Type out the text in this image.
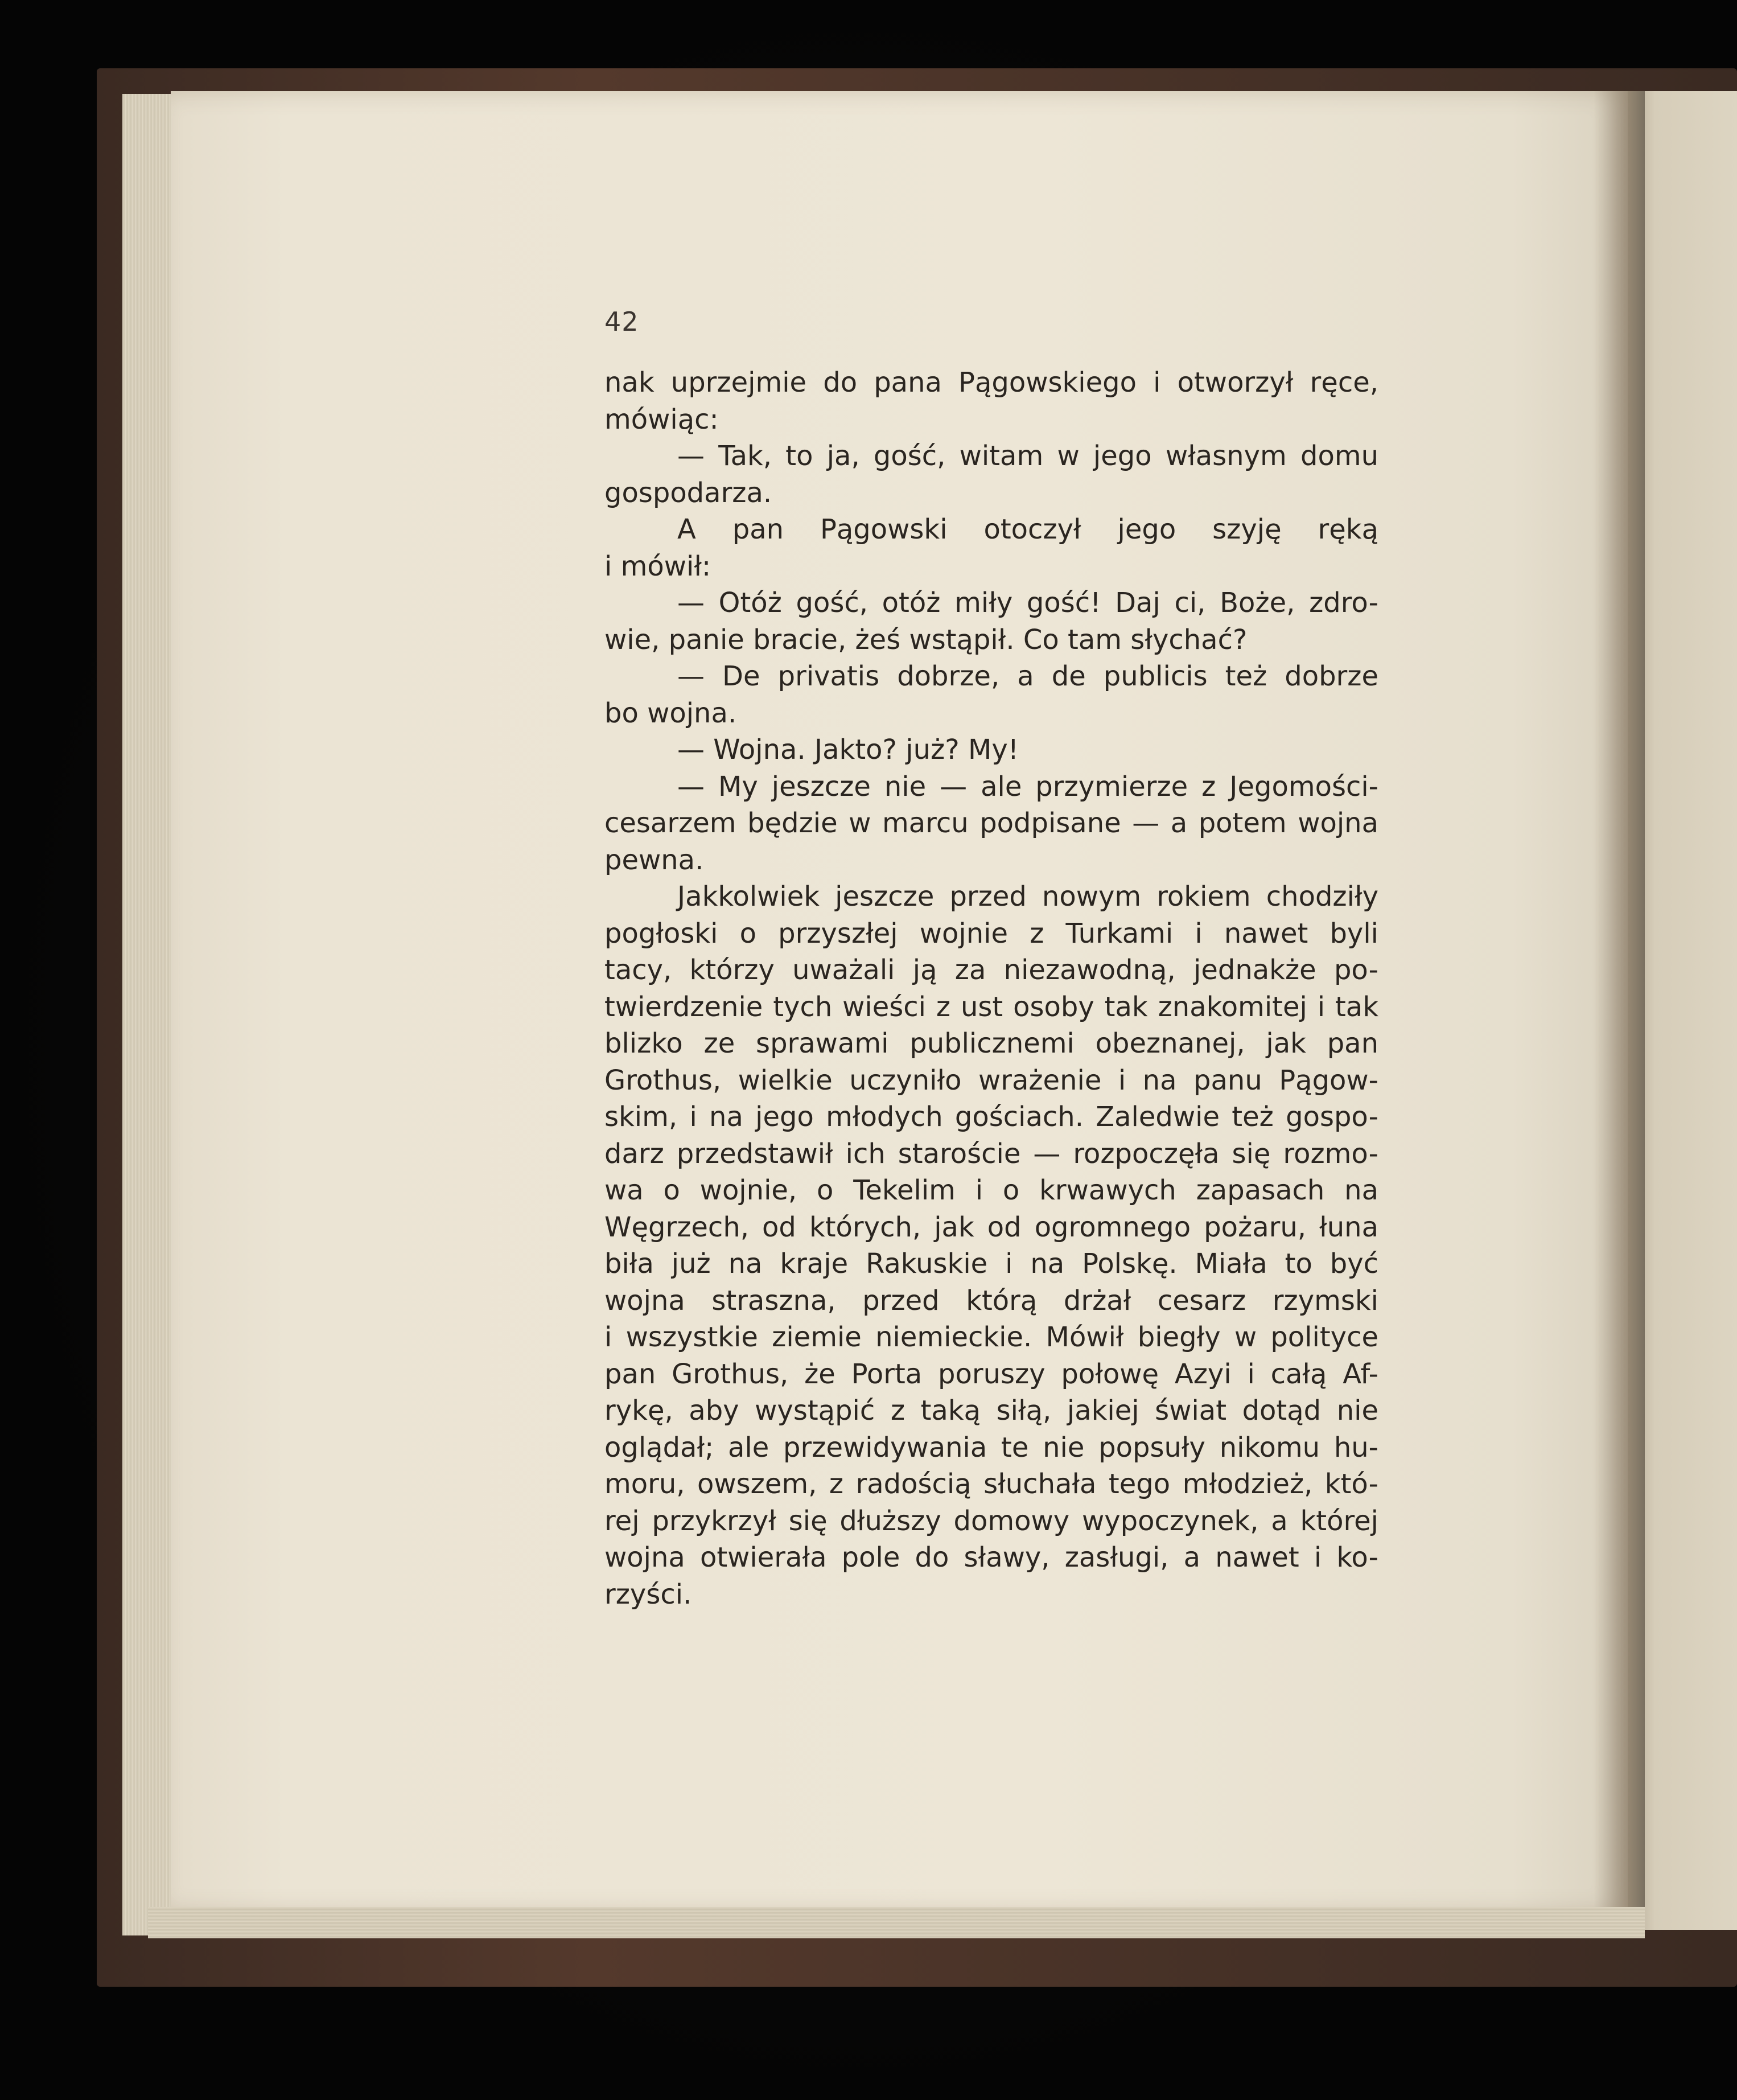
42
nak uprzejmie do pana Pągowskiego i otworzył ręce,
mówiąc:
— Tak, to ja, gość, witam w jego własnym domu
gospodarza.
A pan Pągowski otoczył jego szyję ręką
i mówił:
— Otóż gość, otóż miły gość! Daj ci, Boże, zdro-
wie, panie bracie, żeś wstąpił. Co tam słychać?
— De privatis dobrze, a de publicis też dobrze
bo wojna.
— Wojna. Jakto? już? My!
— My jeszcze nie — ale przymierze z Jegomości-
cesarzem będzie w marcu podpisane — a potem wojna
pewna.
Jakkolwiek jeszcze przed nowym rokiem chodziły
pogłoski o przyszłej wojnie z Turkami i nawet byli
tacy, którzy uważali ją za niezawodną, jednakże po-
twierdzenie tych wieści z ust osoby tak znakomitej i tak
blizko ze sprawami publicznemi obeznanej, jak pan
Grothus, wielkie uczyniło wrażenie i na panu Pągow-
skim, i na jego młodych gościach. Zaledwie też gospo-
darz przedstawił ich staroście — rozpoczęła się rozmo-
wa o wojnie, o Tekelim i o krwawych zapasach na
Węgrzech, od których, jak od ogromnego pożaru, łuna
biła już na kraje Rakuskie i na Polskę. Miała to być
wojna straszna, przed którą drżał cesarz rzymski
i wszystkie ziemie niemieckie. Mówił biegły w polityce
pan Grothus, że Porta poruszy połowę Azyi i całą Af-
rykę, aby wystąpić z taką siłą, jakiej świat dotąd nie
oglądał; ale przewidywania te nie popsuły nikomu hu-
moru, owszem, z radością słuchała tego młodzież, któ-
rej przykrzył się dłuższy domowy wypoczynek, a której
wojna otwierała pole do sławy, zasługi, a nawet i ko-
rzyści.
